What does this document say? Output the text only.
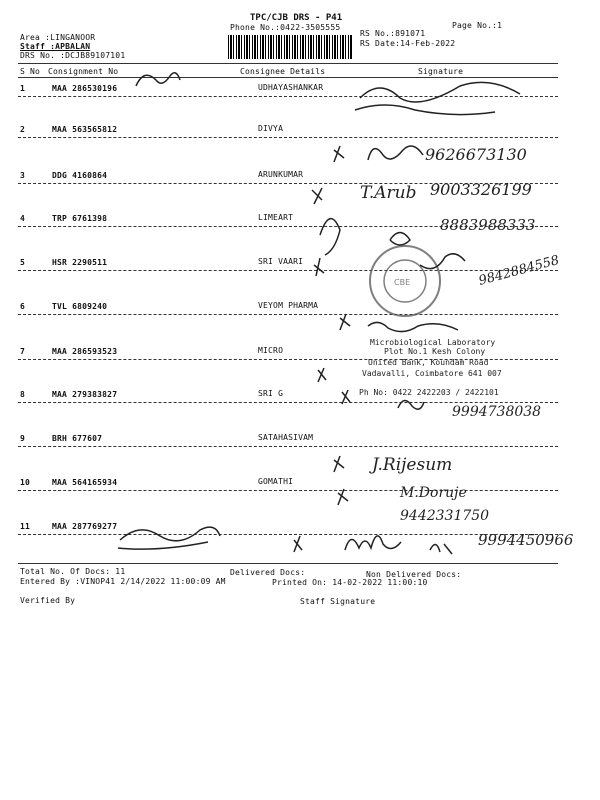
TPC/CJB DRS - P41
Phone No.:0422-3505555
Area :LINGANOOR
Staff :APBALAN
DRS No. :DCJB89107101
RS No.:891071
RS Date:14-Feb-2022
Page No.:1
S No Consignment No	Consignee Details	Signature
1	MAA 286530196	UDHAYASHANKAR
2	MAA 563565812	DIVYA
3	DDG 4160864	ARUNKUMAR
4	TRP 6761398	LIMEART
5	HSR 2290511	SRI VAARI
6	TVL 6809240	VEYOM PHARMA
7	MAA 286593523	MICRO
8	MAA 279383827	SRI G
9	BRH 677607	SATAHASIVAM
10	MAA 564165934	GOMATHI
11	MAA 287769277
Total No. Of Docs: 11	Delivered Docs:	Non Delivered Docs:
Entered By :VINOP41 2/14/2022 11:00:09 AM	Printed On: 14-02-2022 11:00:10
Verified By	Staff Signature
CBE
Microbiological Laboratory
Plot No.1 Kesh Colony
United Bank, Koundam Road
Vadavalli, Coimbatore 641 007
Ph No: 0422 2422203 / 2422101
9626673130
9003326199
8883988333
9842884558
9994738038
9442331750
9994450966
T.Arub
J.Rijesum
M.Doruje
